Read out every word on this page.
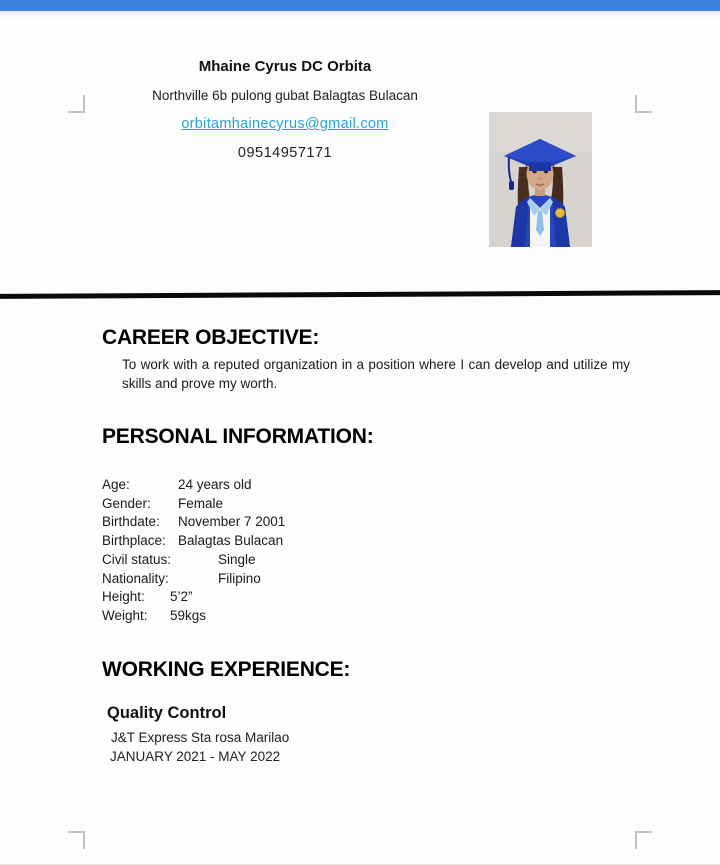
Mhaine Cyrus DC Orbita
Northville 6b pulong gubat Balagtas Bulacan
orbitamhainecyrus@gmail.com
09514957171
CAREER OBJECTIVE:
To work with a reputed organization in a position where I can develop and utilize my skills and prove my worth.
PERSONAL INFORMATION:
Age:	24 years old
Gender:	Female
Birthdate:	November 7 2001
Birthplace: Balagtas Bulacan
Civil status:	Single
Nationality:	Filipino
Height:	5’2”
Weight:	59kgs
WORKING EXPERIENCE:
Quality Control
J&T Express Sta rosa Marilao
JANUARY 2021 - MAY 2022
